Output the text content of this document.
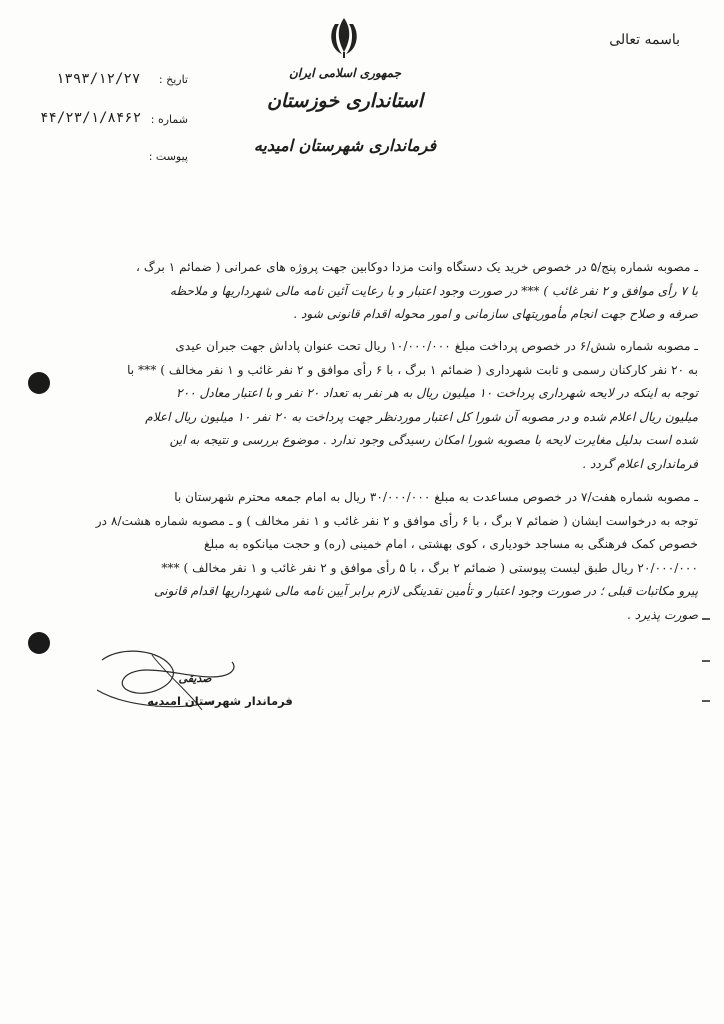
باسمه تعالی
جمهوری اسلامی ایران
استانداری خوزستان
فرمانداری شهرستان امیدیه
تاریخ :
۱۳۹۳/۱۲/۲۷
شماره :
۴۴/۲۳/۱/۸۴۶۲
پیوست :

ـ مصوبه شماره پنج/۵ در خصوص خرید یک دستگاه وانت مزدا دوکابین جهت پروژه های عمرانی ( ضمائم ۱ برگ ،

با ۷ رأی موافق و ۲ نفر غائب ) *** در صورت وجود اعتبار و با رعایت آئین نامه مالی شهرداریها و ملاحظه

صرفه و صلاح جهت انجام مأموریتهای سازمانی و امور محوله اقدام قانونی شود .

ـ مصوبه شماره شش/۶ در خصوص پرداخت مبلغ ۱۰/۰۰۰/۰۰۰ ریال تحت عنوان پاداش جهت جبران عیدی

به ۲۰ نفر کارکنان رسمی و ثابت شهرداری ( ضمائم ۱ برگ ، با ۶ رأی موافق و ۲ نفر غائب و ۱ نفر مخالف ) *** با

توجه به اینکه در لایحه شهرداری پرداخت ۱۰ میلیون ریال به هر نفر به تعداد ۲۰ نفر و با اعتبار معادل ۲۰۰

میلیون ریال اعلام شده و در مصوبه آن شورا کل اعتبار موردنظر جهت پرداخت به ۲۰ نفر ۱۰ میلیون ریال اعلام

شده است بدلیل مغایرت لایحه با مصوبه شورا امکان رسیدگی وجود ندارد . موضوع بررسی و نتیجه به این

فرمانداری اعلام گردد .

ـ مصوبه شماره هفت/۷ در خصوص مساعدت به مبلغ ۳۰/۰۰۰/۰۰۰ ریال به امام جمعه محترم شهرستان با

توجه به درخواست ایشان ( ضمائم ۷ برگ ، با ۶ رأی موافق و ۲ نفر غائب و ۱ نفر مخالف ) و ـ مصوبه شماره هشت/۸ در

خصوص کمک فرهنگی به مساجد خودیاری ، کوی بهشتی ، امام خمینی (ره) و حجت میانکوه به مبلغ

۲۰/۰۰۰/۰۰۰ ریال طبق لیست پیوستی ( ضمائم ۲ برگ ، با ۵ رأی موافق و ۲ نفر غائب و ۱ نفر مخالف ) ***

پیرو مکاتبات قبلی ؛ در صورت وجود اعتبار و تأمین نقدینگی لازم برابر آیین نامه مالی شهرداریها اقدام قانونی

صورت پذیرد .

صدیقی
فرماندار شهرستان امیدیه
